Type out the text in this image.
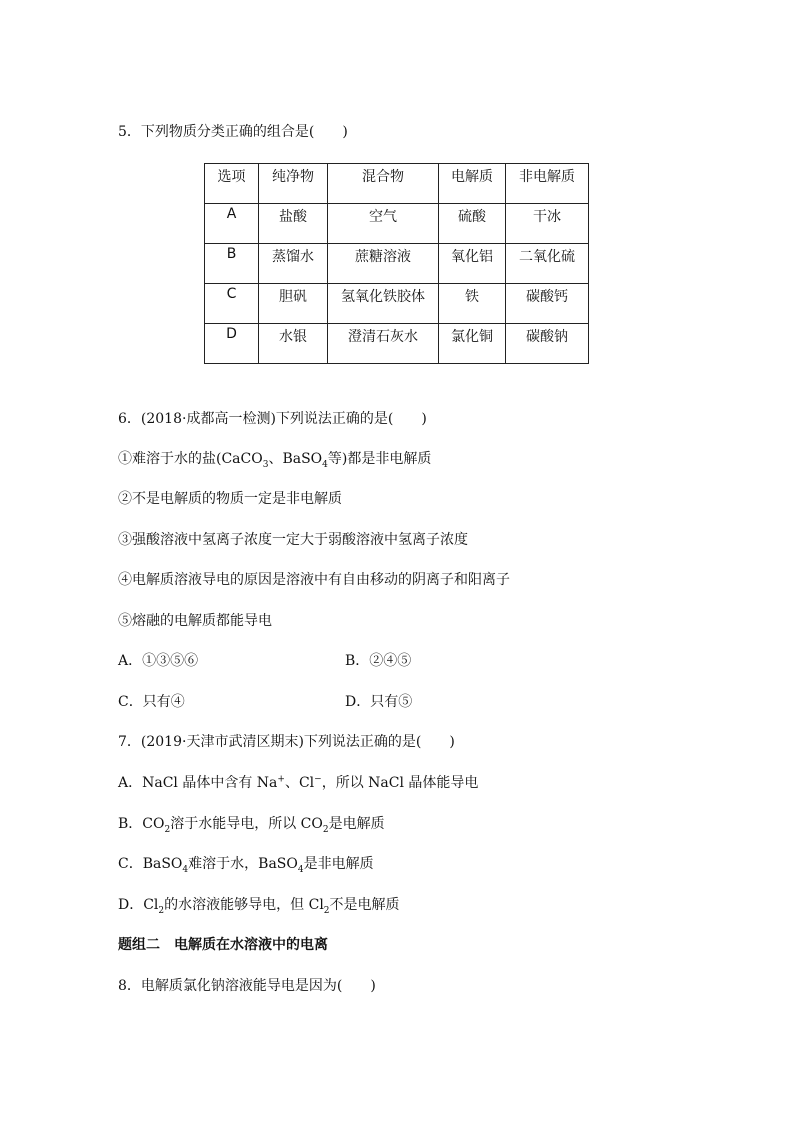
5．下列物质分类正确的组合是(　　)
选项	纯净物	混合物	电解质	非电解质
A	盐酸	空气	硫酸	干冰
B	蒸馏水	蔗糖溶液	氧化铝	二氧化硫
C	胆矾	氢氧化铁胶体	铁	碳酸钙
D	水银	澄清石灰水	氯化铜	碳酸钠
6．(2018·成都高一检测)下列说法正确的是(　　)
①难溶于水的盐(CaCO$_3$、BaSO$_4$等)都是非电解质
②不是电解质的物质一定是非电解质
③强酸溶液中氢离子浓度一定大于弱酸溶液中氢离子浓度
④电解质溶液导电的原因是溶液中有自由移动的阴离子和阳离子
⑤熔融的电解质都能导电
A．①③⑤⑥	B．②④⑤
C．只有④	D．只有⑤
7．(2019·天津市武清区期末)下列说法正确的是(　　)
A．NaCl 晶体中含有 Na+、Cl−，所以 NaCl 晶体能导电
B．$CO_2$溶于水能导电，所以 $CO_2$是电解质
C．BaSO$_4$难溶于水，BaSO$_4$是非电解质
D．$Cl_2$的水溶液能够导电，但 $Cl_2$不是电解质
题组二　电解质在水溶液中的电离
8．电解质氯化钠溶液能导电是因为(　　)
